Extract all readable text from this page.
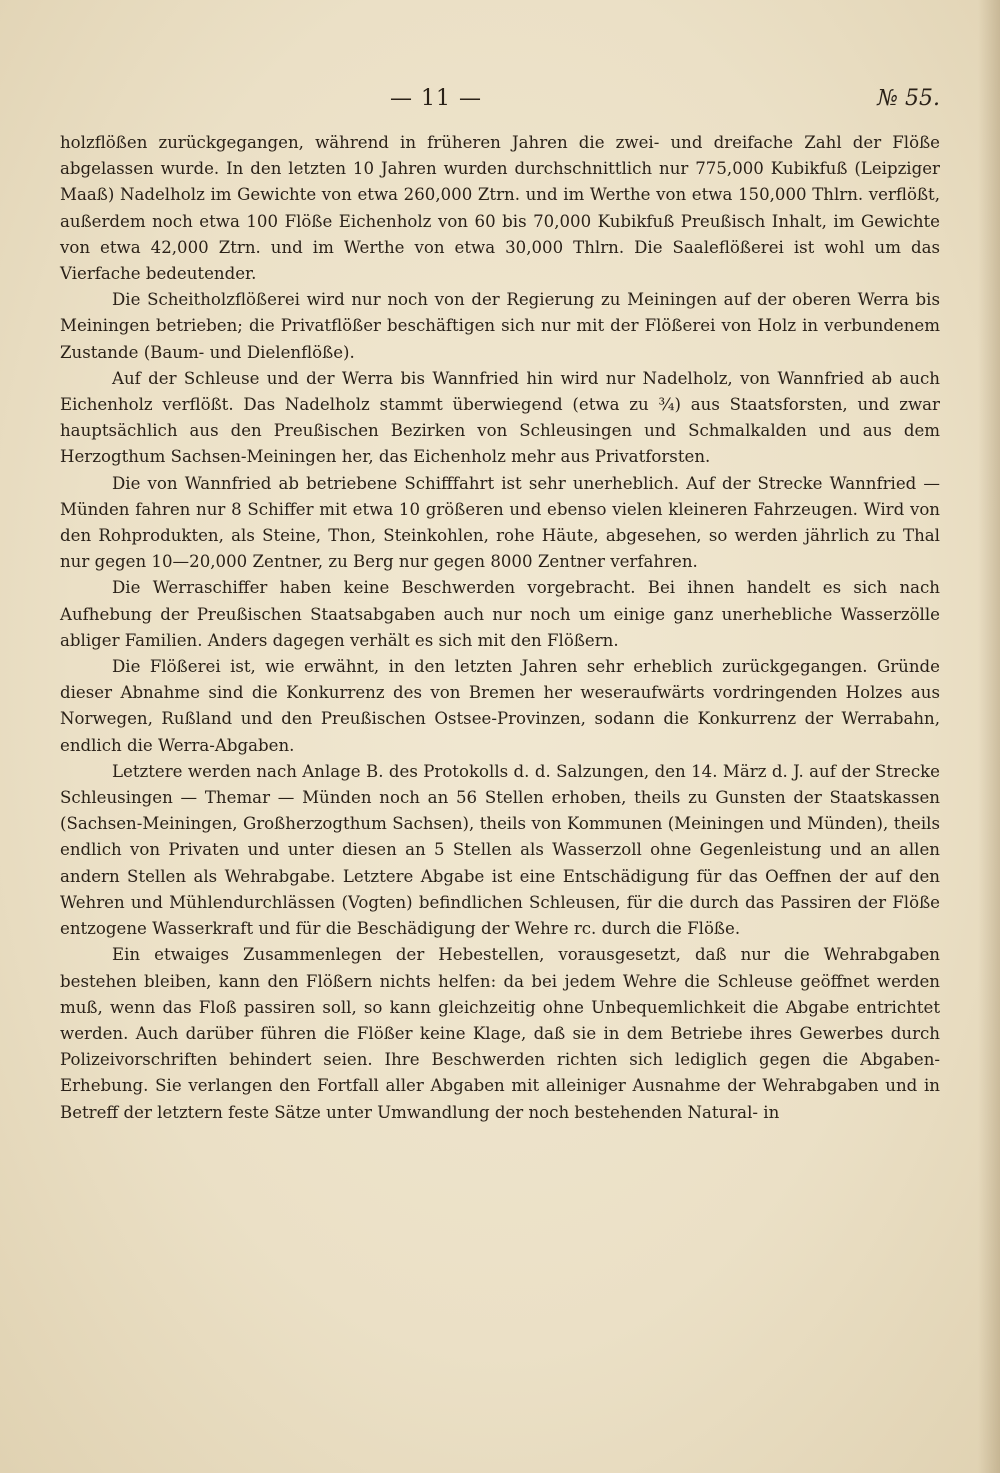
— 11 —	№ 55.

holzflößen zurückgegangen, während in früheren Jahren die zwei- und dreifache Zahl der Flöße abgelassen wurde. In den letzten 10 Jahren wurden durchschnittlich nur 775,000 Kubikfuß (Leipziger Maaß) Nadelholz im Gewichte von etwa 260,000 Ztrn. und im Werthe von etwa 150,000 Thlrn. verflößt, außerdem noch etwa 100 Flöße Eichenholz von 60 bis 70,000 Kubikfuß Preußisch Inhalt, im Gewichte von etwa 42,000 Ztrn. und im Werthe von etwa 30,000 Thlrn. Die Saaleflößerei ist wohl um das Vierfache bedeutender.

Die Scheitholzflößerei wird nur noch von der Regierung zu Meiningen auf der oberen Werra bis Meiningen betrieben; die Privatflößer beschäftigen sich nur mit der Flößerei von Holz in verbundenem Zustande (Baum- und Dielenflöße).

Auf der Schleuse und der Werra bis Wannfried hin wird nur Nadelholz, von Wannfried ab auch Eichenholz verflößt. Das Nadelholz stammt überwiegend (etwa zu ¾) aus Staatsforsten, und zwar hauptsächlich aus den Preußischen Bezirken von Schleusingen und Schmalkalden und aus dem Herzogthum Sachsen-Meiningen her, das Eichenholz mehr aus Privatforsten.

Die von Wannfried ab betriebene Schifffahrt ist sehr unerheblich. Auf der Strecke Wannfried — Münden fahren nur 8 Schiffer mit etwa 10 größeren und ebenso vielen kleineren Fahrzeugen. Wird von den Rohprodukten, als Steine, Thon, Steinkohlen, rohe Häute, abgesehen, so werden jährlich zu Thal nur gegen 10—20,000 Zentner, zu Berg nur gegen 8000 Zentner verfahren.

Die Werraschiffer haben keine Beschwerden vorgebracht. Bei ihnen handelt es sich nach Aufhebung der Preußischen Staatsabgaben auch nur noch um einige ganz unerhebliche Wasserzölle abliger Familien. Anders dagegen verhält es sich mit den Flößern.

Die Flößerei ist, wie erwähnt, in den letzten Jahren sehr erheblich zurückgegangen. Gründe dieser Abnahme sind die Konkurrenz des von Bremen her weseraufwärts vordringenden Holzes aus Norwegen, Rußland und den Preußischen Ostsee-Provinzen, sodann die Konkurrenz der Werrabahn, endlich die Werra-Abgaben.

Letztere werden nach Anlage B. des Protokolls d. d. Salzungen, den 14. März d. J. auf der Strecke Schleusingen — Themar — Münden noch an 56 Stellen erhoben, theils zu Gunsten der Staatskassen (Sachsen-Meiningen, Großherzogthum Sachsen), theils von Kommunen (Meiningen und Münden), theils endlich von Privaten und unter diesen an 5 Stellen als Wasserzoll ohne Gegenleistung und an allen andern Stellen als Wehrabgabe. Letztere Abgabe ist eine Entschädigung für das Oeffnen der auf den Wehren und Mühlendurchlässen (Vogten) befindlichen Schleusen, für die durch das Passiren der Flöße entzogene Wasserkraft und für die Beschädigung der Wehre rc. durch die Flöße.

Ein etwaiges Zusammenlegen der Hebestellen, vorausgesetzt, daß nur die Wehrabgaben bestehen bleiben, kann den Flößern nichts helfen: da bei jedem Wehre die Schleuse geöffnet werden muß, wenn das Floß passiren soll, so kann gleichzeitig ohne Unbequemlichkeit die Abgabe entrichtet werden. Auch darüber führen die Flößer keine Klage, daß sie in dem Betriebe ihres Gewerbes durch Polizeivorschriften behindert seien. Ihre Beschwerden richten sich lediglich gegen die Abgaben-Erhebung. Sie verlangen den Fortfall aller Abgaben mit alleiniger Ausnahme der Wehrabgaben und in Betreff der letztern feste Sätze unter Umwandlung der noch bestehenden Natural- in
